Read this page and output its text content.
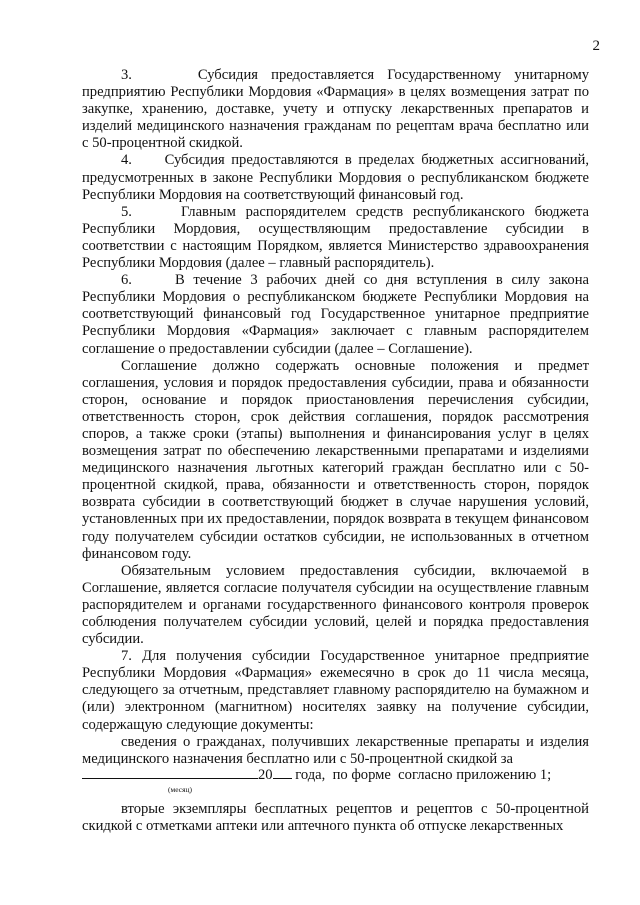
2

3.     Субсидия предоставляется Государственному унитарному предприятию Республики Мордовия «Фармация» в целях возмещения затрат по закупке, хранению, доставке, учету и отпуску лекарственных препаратов и изделий медицинского назначения гражданам по рецептам врача бесплатно или с 50-процентной скидкой.

4.     Субсидия предоставляются в пределах бюджетных ассигнований, предусмотренных в законе Республики Мордовия о республиканском бюджете Республики Мордовия на соответствующий финансовый год.

5.     Главным распорядителем средств республиканского бюджета Республики Мордовия, осуществляющим предоставление субсидии в соответствии с настоящим Порядком, является Министерство здравоохранения Республики Мордовия (далее – главный распорядитель).

6.     В течение 3 рабочих дней со дня вступления в силу закона Республики Мордовия о республиканском бюджете Республики Мордовия на соответствующий финансовый год Государственное унитарное предприятие Республики Мордовия «Фармация» заключает с главным распорядителем соглашение о предоставлении субсидии (далее – Соглашение).

Соглашение должно содержать основные положения и предмет соглашения, условия и порядок предоставления субсидии, права и обязанности сторон, основание и порядок приостановления перечисления субсидии, ответственность сторон, срок действия соглашения, порядок рассмотрения споров, а также сроки (этапы) выполнения и финансирования услуг в целях возмещения затрат по обеспечению лекарственными препаратами и изделиями медицинского назначения льготных категорий граждан бесплатно или с 50-процентной скидкой, права, обязанности и ответственность сторон, порядок возврата субсидии в соответствующий бюджет в случае нарушения условий, установленных при их предоставлении, порядок возврата в текущем финансовом году получателем субсидии остатков субсидии, не использованных в отчетном финансовом году.

Обязательным условием предоставления субсидии, включаемой в Соглашение, является согласие получателя субсидии на осуществление главным распорядителем и органами государственного финансового контроля проверок соблюдения получателем субсидии условий, целей и порядка предоставления субсидии.

7. Для получения субсидии Государственное унитарное предприятие Республики Мордовия «Фармация» ежемесячно в срок до 11 числа месяца, следующего за отчетным, представляет главному распорядителю на бумажном и (или) электронном (магнитном) носителях заявку на получение субсидии, содержащую следующие документы:

сведения о гражданах, получивших лекарственные препараты и изделия медицинского назначения бесплатно или с 50-процентной скидкой за

20 года,  по форме  согласно приложению 1;

(месяц)

вторые экземпляры бесплатных рецептов и рецептов с 50-процентной скидкой с отметками аптеки или аптечного пункта об отпуске лекарственных
